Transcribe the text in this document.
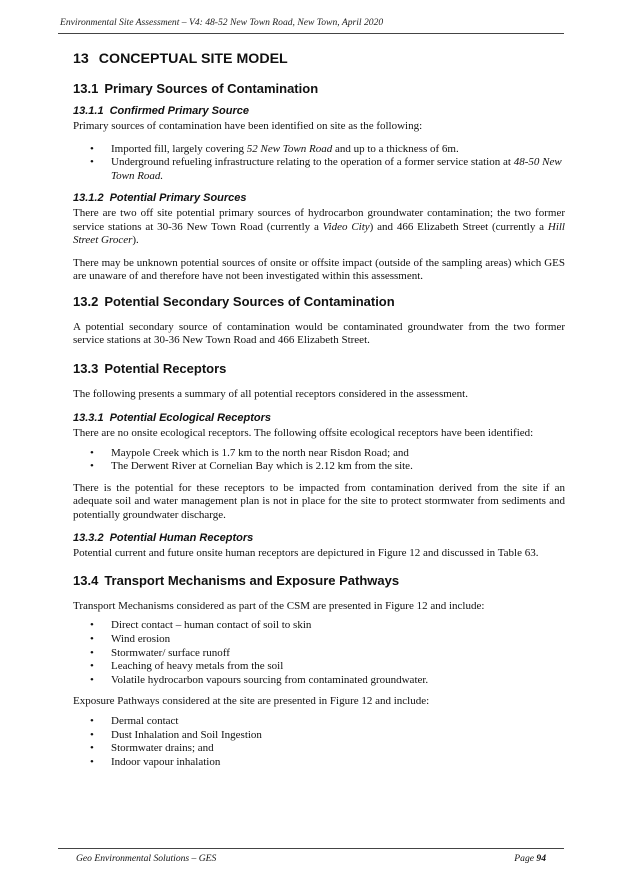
Environmental Site Assessment – V4: 48-52 New Town Road, New Town, April 2020
13 CONCEPTUAL SITE MODEL
13.1 Primary Sources of Contamination
13.1.1 Confirmed Primary Source

Primary sources of contamination have been identified on site as the following:

• Imported fill, largely covering 52 New Town Road and up to a thickness of 6m.
• Underground refueling infrastructure relating to the operation of a former service station at 48-50 New Town Road.
13.1.2 Potential Primary Sources

There are two off site potential primary sources of hydrocarbon groundwater contamination; the two former service stations at 30-36 New Town Road (currently a Video City) and 466 Elizabeth Street (currently a Hill Street Grocer).

There may be unknown potential sources of onsite or offsite impact (outside of the sampling areas) which GES are unaware of and therefore have not been investigated within this assessment.

13.2 Potential Secondary Sources of Contamination

A potential secondary source of contamination would be contaminated groundwater from the two former service stations at 30-36 New Town Road and 466 Elizabeth Street.

13.3 Potential Receptors

The following presents a summary of all potential receptors considered in the assessment.

13.3.1 Potential Ecological Receptors

There are no onsite ecological receptors. The following offsite ecological receptors have been identified:

• Maypole Creek which is 1.7 km to the north near Risdon Road; and
• The Derwent River at Cornelian Bay which is 2.12 km from the site.

There is the potential for these receptors to be impacted from contamination derived from the site if an adequate soil and water management plan is not in place for the site to protect stormwater from sediments and potentially groundwater discharge.

13.3.2 Potential Human Receptors

Potential current and future onsite human receptors are depictured in Figure 12 and discussed in Table 63.

13.4 Transport Mechanisms and Exposure Pathways

Transport Mechanisms considered as part of the CSM are presented in Figure 12 and include:

• Direct contact – human contact of soil to skin
• Wind erosion
• Stormwater/ surface runoff
• Leaching of heavy metals from the soil
• Volatile hydrocarbon vapours sourcing from contaminated groundwater.

Exposure Pathways considered at the site are presented in Figure 12 and include:

• Dermal contact
• Dust Inhalation and Soil Ingestion
• Stormwater drains; and
• Indoor vapour inhalation
Geo Environmental Solutions – GES	Page 94
